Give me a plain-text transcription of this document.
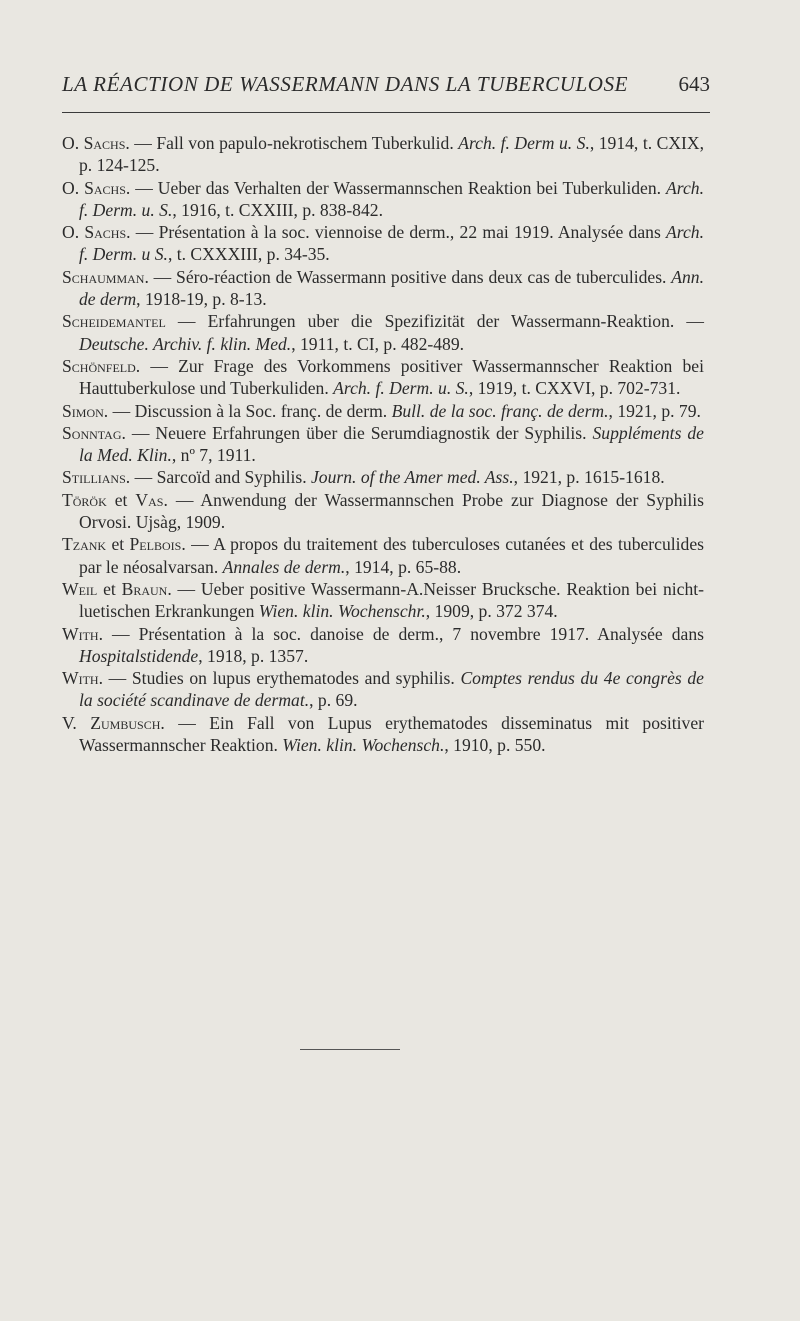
LA RÉACTION DE WASSERMANN DANS LA TUBERCULOSE 643

O. Sachs. — Fall von papulo-nekrotischem Tuberkulid. Arch. f. Derm u. S., 1914, t. CXIX, p. 124-125.

O. Sachs. — Ueber das Verhalten der Wassermannschen Reaktion bei Tuberkuliden. Arch. f. Derm. u. S., 1916, t. CXXIII, p. 838-842.

O. Sachs. — Présentation à la soc. viennoise de derm., 22 mai 1919. Analysée dans Arch. f. Derm. u S., t. CXXXIII, p. 34-35.

Schaumman. — Séro-réaction de Wassermann positive dans deux cas de tuberculides. Ann. de derm, 1918-19, p. 8-13.

Scheidemantel — Erfahrungen uber die Spezifizität der Wassermann-Reaktion. — Deutsche. Archiv. f. klin. Med., 1911, t. CI, p. 482-489.

Schönfeld. — Zur Frage des Vorkommens positiver Wassermannscher Reaktion bei Hauttuberkulose und Tuberkuliden. Arch. f. Derm. u. S., 1919, t. CXXVI, p. 702-731.

Simon. — Discussion à la Soc. franç. de derm. Bull. de la soc. franç. de derm., 1921, p. 79.

Sonntag. — Neuere Erfahrungen über die Serumdiagnostik der Syphilis. Suppléments de la Med. Klin., nº 7, 1911.

Stillians. — Sarcoïd and Syphilis. Journ. of the Amer med. Ass., 1921, p. 1615-1618.

Török et Vas. — Anwendung der Wassermannschen Probe zur Diagnose der Syphilis Orvosi. Ujsàg, 1909.

Tzank et Pelbois. — A propos du traitement des tuberculoses cutanées et des tuberculides par le néosalvarsan. Annales de derm., 1914, p. 65-88.

Weil et Braun. — Ueber positive Wassermann-A.Neisser Brucksche. Reaktion bei nicht-luetischen Erkrankungen Wien. klin. Wochenschr., 1909, p. 372 374.

With. — Présentation à la soc. danoise de derm., 7 novembre 1917. Analysée dans Hospitalstidende, 1918, p. 1357.

With. — Studies on lupus erythematodes and syphilis. Comptes rendus du 4e congrès de la société scandinave de dermat., p. 69.

V. Zumbusch. — Ein Fall von Lupus erythematodes disseminatus mit positiver Wassermannscher Reaktion. Wien. klin. Wochensch., 1910, p. 550.
